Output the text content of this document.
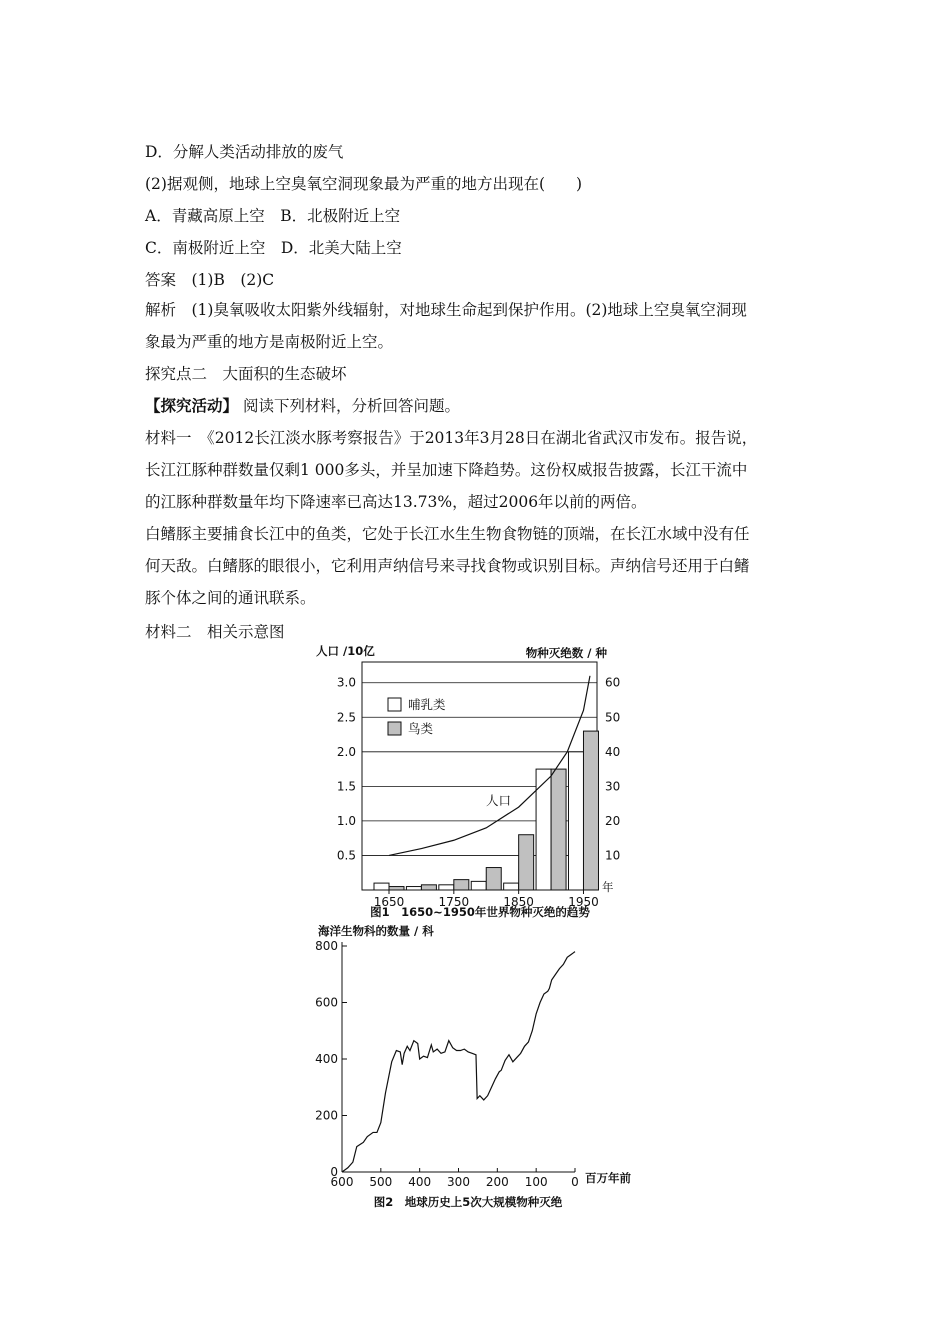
D．分解人类活动排放的废气
(2)据观侧，地球上空臭氧空洞现象最为严重的地方出现在(　　)
A．青藏高原上空　B．北极附近上空
C．南极附近上空　D．北美大陆上空
答案　(1)B　(2)C
解析　(1)臭氧吸收太阳紫外线辐射，对地球生命起到保护作用。(2)地球上空臭氧空洞现
象最为严重的地方是南极附近上空。
探究点二　大面积的生态破坏
【探究活动】 阅读下列材料，分析回答问题。
材料一　《2012长江淡水豚考察报告》于2013年3月28日在湖北省武汉市发布。报告说，
长江江豚种群数量仅剩1 000多头，并呈加速下降趋势。这份权威报告披露，长江干流中
的江豚种群数量年均下降速率已高达13.73%，超过2006年以前的两倍。
白鳍豚主要捕食长江中的鱼类，它处于长江水生生物食物链的顶端，在长江水域中没有任
何天敌。白鳍豚的眼很小，它利用声纳信号来寻找食物或识别目标。声纳信号还用于白鳍
豚个体之间的通讯联系。
材料二　相关示意图
人口 /10亿	物种灭绝数 / 种
年
图1　1650~1950年世界物种灭绝的趋势
0.5
1.0
1.5
2.0
2.5
3.0
10
20
30
40
50
60
1650	1750	1850	1950
人口
哺乳类
鸟类
海洋生物科的数量 / 科
百万年前
图2　地球历史上5次大规模物种灭绝
0
200
400
600
800
600 500 400 300 200 100 0
